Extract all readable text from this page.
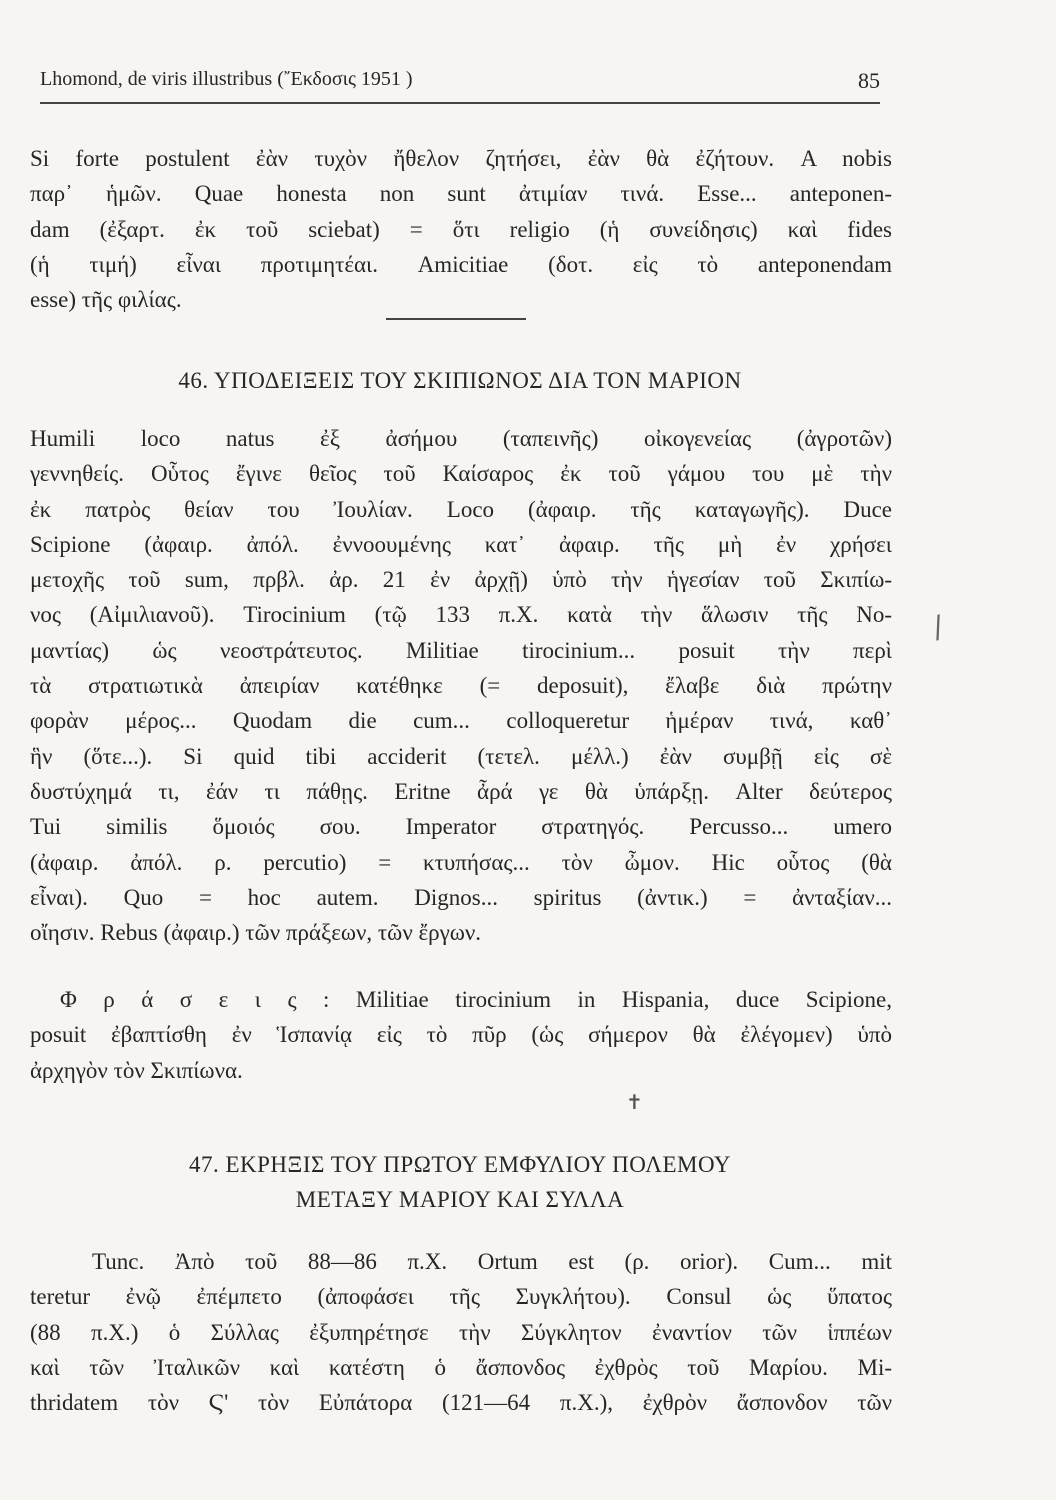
Lhomond, de viris illustribus (῎Εκδοσις 1951 )	85
Si forte postulent ἐὰν τυχὸν ἤθελον ζητήσει, ἐὰν θὰ ἐζήτουν. A nobis
παρ᾽ ἡμῶν. Quae honesta non sunt ἀτιμίαν τινά. Esse... anteponen-
dam (ἐξαρτ. ἐκ τοῦ sciebat) = ὅτι religio (ἡ συνείδησις) καὶ fides
(ἡ τιμή) εἶναι προτιμητέαι. Amicitiae (δοτ. εἰς τὸ anteponendam
esse) τῆς φιλίας.
46. ΥΠΟΔΕΙΞΕΙΣ ΤΟΥ ΣΚΙΠΙΩΝΟΣ ΔΙΑ ΤΟΝ ΜΑΡΙΟΝ
Humili loco natus ἐξ ἀσήμου (ταπεινῆς) οἰκογενείας (ἀγροτῶν)
γεννηθείς. Οὗτος ἔγινε θεῖος τοῦ Καίσαρος ἐκ τοῦ γάμου του μὲ τὴν
ἐκ πατρὸς θείαν του Ἰουλίαν. Loco (ἀφαιρ. τῆς καταγωγῆς). Duce
Scipione (ἀφαιρ. ἀπόλ. ἐννοουμένης κατ᾽ ἀφαιρ. τῆς μὴ ἐν χρήσει
μετοχῆς τοῦ sum, πρβλ. ἀρ. 21 ἐν ἀρχῇ) ὑπὸ τὴν ἡγεσίαν τοῦ Σκιπίω-
νος (Αἰμιλιανοῦ). Tirocinium (τῷ 133 π.Χ. κατὰ τὴν ἅλωσιν τῆς Νο-
μαντίας) ὡς νεοστράτευτος. Militiae tirocinium... posuit τὴν περὶ
τὰ στρατιωτικὰ ἀπειρίαν κατέθηκε (= deposuit), ἔλαβε διὰ πρώτην
φορὰν μέρος... Quodam die cum... colloqueretur ἡμέραν τινά, καθ᾽
ἣν (ὅτε...). Si quid tibi acciderit (τετελ. μέλλ.) ἐὰν συμβῇ εἰς σὲ
δυστύχημά τι, ἐάν τι πάθῃς. Eritne ἆρά γε θὰ ὑπάρξῃ. Alter δεύτερος
Tui similis ὅμοιός σου. Imperator στρατηγός. Percusso... umero
(ἀφαιρ. ἀπόλ. ρ. percutio) = κτυπήσας... τὸν ὦμον. Hic οὗτος (θὰ
εἶναι). Quo = hoc autem. Dignos... spiritus (ἀντικ.) = ἀνταξίαν...
οἴησιν. Rebus (ἀφαιρ.) τῶν πράξεων, τῶν ἔργων.
/
Φ ρ ά σ ε ι ς : Militiae tirocinium in Hispania, duce Scipione,
posuit ἐβαπτίσθη ἐν Ἱσπανίᾳ εἰς τὸ πῦρ (ὡς σήμερον θὰ ἐλέγομεν) ὑπὸ
ἀρχηγὸν τὸν Σκιπίωνα.
✝
47. ΕΚΡΗΞΙΣ ΤΟΥ ΠΡΩΤΟΥ ΕΜΦΥΛΙΟΥ ΠΟΛΕΜΟΥ
ΜΕΤΑΞΥ ΜΑΡΙΟΥ ΚΑΙ ΣΥΛΛΑ
Tunc. Ἀπὸ τοῦ 88—86 π.Χ. Ortum est (ρ. orior). Cum... mit
teretur ἐνῷ ἐπέμπετο (ἀποφάσει τῆς Συγκλήτου). Consul ὡς ὕπατος
(88 π.Χ.) ὁ Σύλλας ἐξυπηρέτησε τὴν Σύγκλητον ἐναντίον τῶν ἱππέων
καὶ τῶν Ἰταλικῶν καὶ κατέστη ὁ ἄσπονδος ἐχθρὸς τοῦ Μαρίου. Mi-
thridatem τὸν Ϛ' τὸν Εὐπάτορα (121—64 π.Χ.), ἐχθρὸν ἄσπονδον τῶν
